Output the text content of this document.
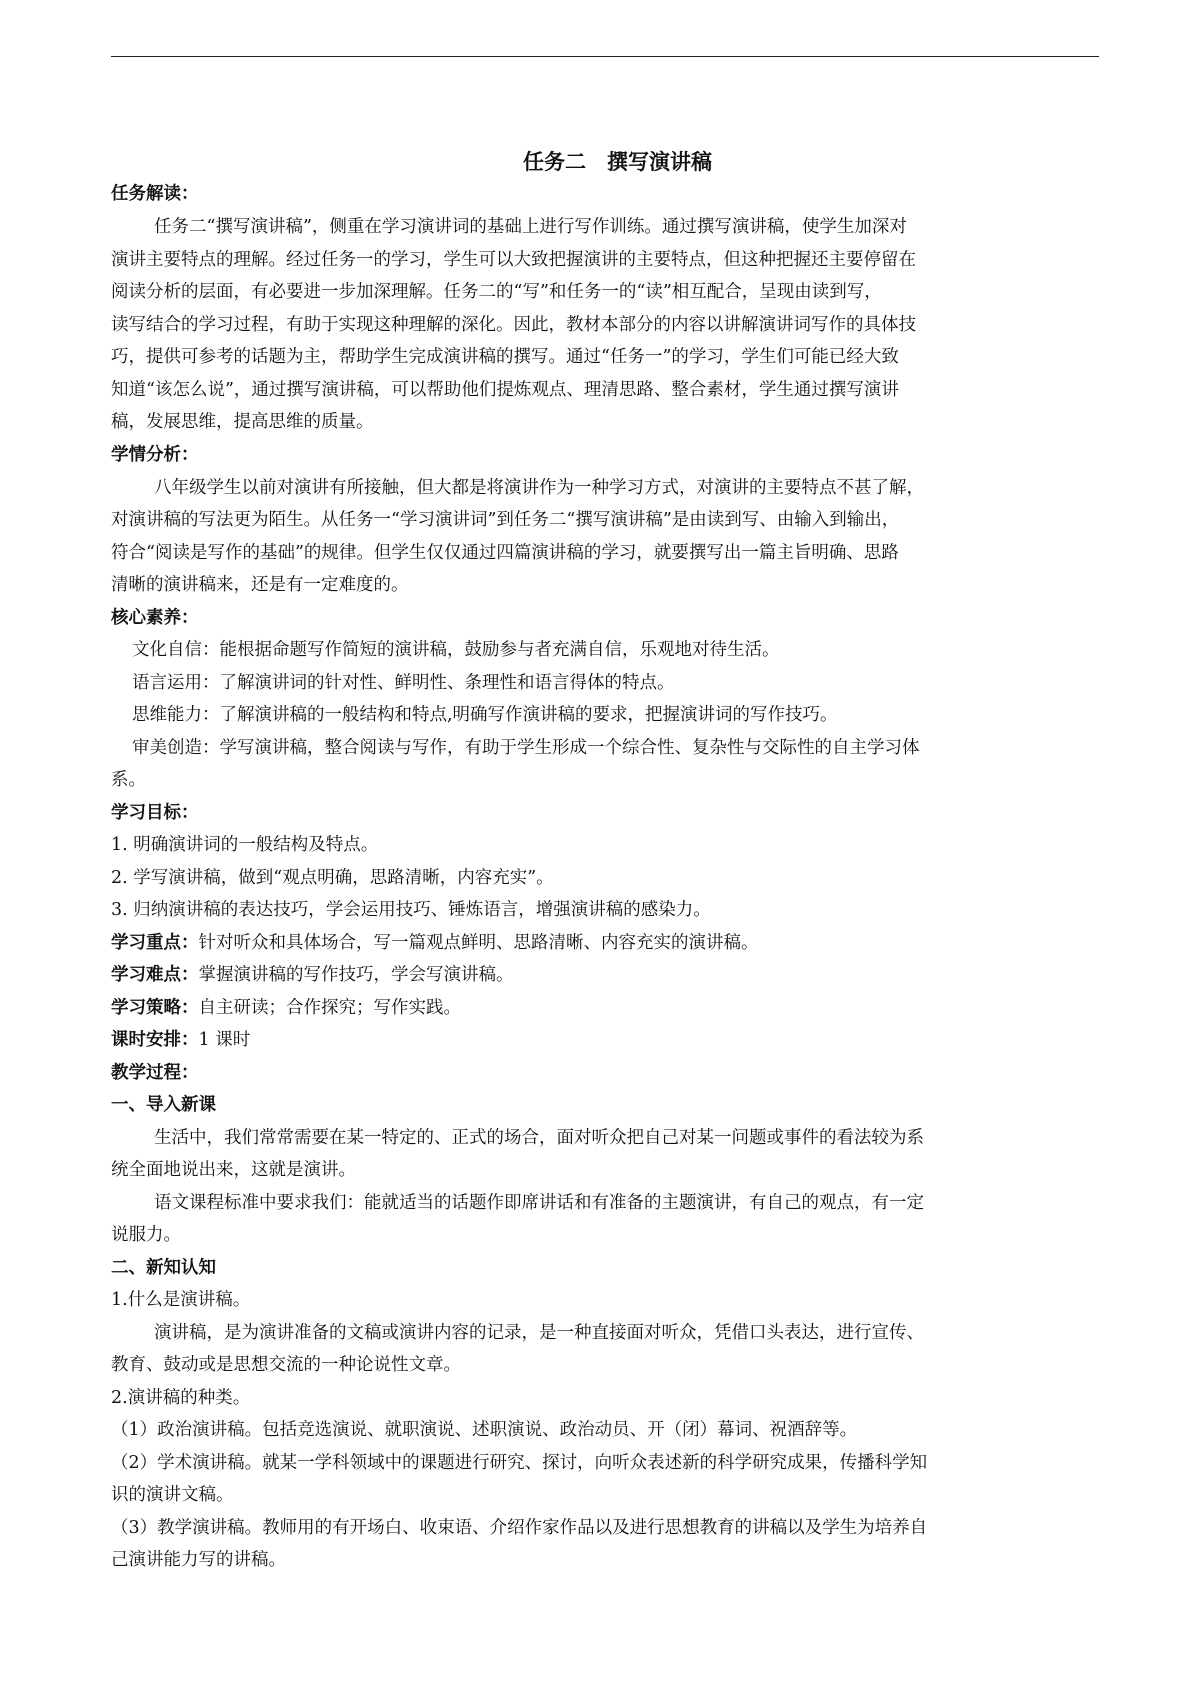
任务二　撰写演讲稿
任务解读：
任务二“撰写演讲稿”，侧重在学习演讲词的基础上进行写作训练。通过撰写演讲稿，使学生加深对
演讲主要特点的理解。经过任务一的学习，学生可以大致把握演讲的主要特点，但这种把握还主要停留在
阅读分析的层面，有必要进一步加深理解。任务二的“写”和任务一的“读”相互配合，呈现由读到写，
读写结合的学习过程，有助于实现这种理解的深化。因此，教材本部分的内容以讲解演讲词写作的具体技
巧，提供可参考的话题为主，帮助学生完成演讲稿的撰写。通过“任务一”的学习，学生们可能已经大致
知道“该怎么说”，通过撰写演讲稿，可以帮助他们提炼观点、理清思路、整合素材，学生通过撰写演讲
稿，发展思维，提高思维的质量。
学情分析：
八年级学生以前对演讲有所接触，但大都是将演讲作为一种学习方式，对演讲的主要特点不甚了解，
对演讲稿的写法更为陌生。从任务一“学习演讲词”到任务二“撰写演讲稿”是由读到写、由输入到输出，
符合“阅读是写作的基础”的规律。但学生仅仅通过四篇演讲稿的学习，就要撰写出一篇主旨明确、思路
清晰的演讲稿来，还是有一定难度的。
核心素养：
文化自信：能根据命题写作简短的演讲稿，鼓励参与者充满自信，乐观地对待生活。
语言运用：了解演讲词的针对性、鲜明性、条理性和语言得体的特点。
思维能力：了解演讲稿的一般结构和特点,明确写作演讲稿的要求，把握演讲词的写作技巧。
审美创造：学写演讲稿，整合阅读与写作，有助于学生形成一个综合性、复杂性与交际性的自主学习体
系。
学习目标：
1. 明确演讲词的一般结构及特点。
2. 学写演讲稿，做到“观点明确，思路清晰，内容充实”。
3. 归纳演讲稿的表达技巧，学会运用技巧、锤炼语言，增强演讲稿的感染力。
学习重点：针对听众和具体场合，写一篇观点鲜明、思路清晰、内容充实的演讲稿。
学习难点：掌握演讲稿的写作技巧，学会写演讲稿。
学习策略：自主研读；合作探究；写作实践。
课时安排：1 课时
教学过程：
一、导入新课
生活中，我们常常需要在某一特定的、正式的场合，面对听众把自己对某一问题或事件的看法较为系
统全面地说出来，这就是演讲。
语文课程标准中要求我们：能就适当的话题作即席讲话和有准备的主题演讲，有自己的观点，有一定
说服力。
二、新知认知
1.什么是演讲稿。
演讲稿，是为演讲准备的文稿或演讲内容的记录，是一种直接面对听众，凭借口头表达，进行宣传、
教育、鼓动或是思想交流的一种论说性文章。
2.演讲稿的种类。
（1）政治演讲稿。包括竞选演说、就职演说、述职演说、政治动员、开（闭）幕词、祝酒辞等。
（2）学术演讲稿。就某一学科领域中的课题进行研究、探讨，向听众表述新的科学研究成果，传播科学知
识的演讲文稿。
（3）教学演讲稿。教师用的有开场白、收束语、介绍作家作品以及进行思想教育的讲稿以及学生为培养自
己演讲能力写的讲稿。
